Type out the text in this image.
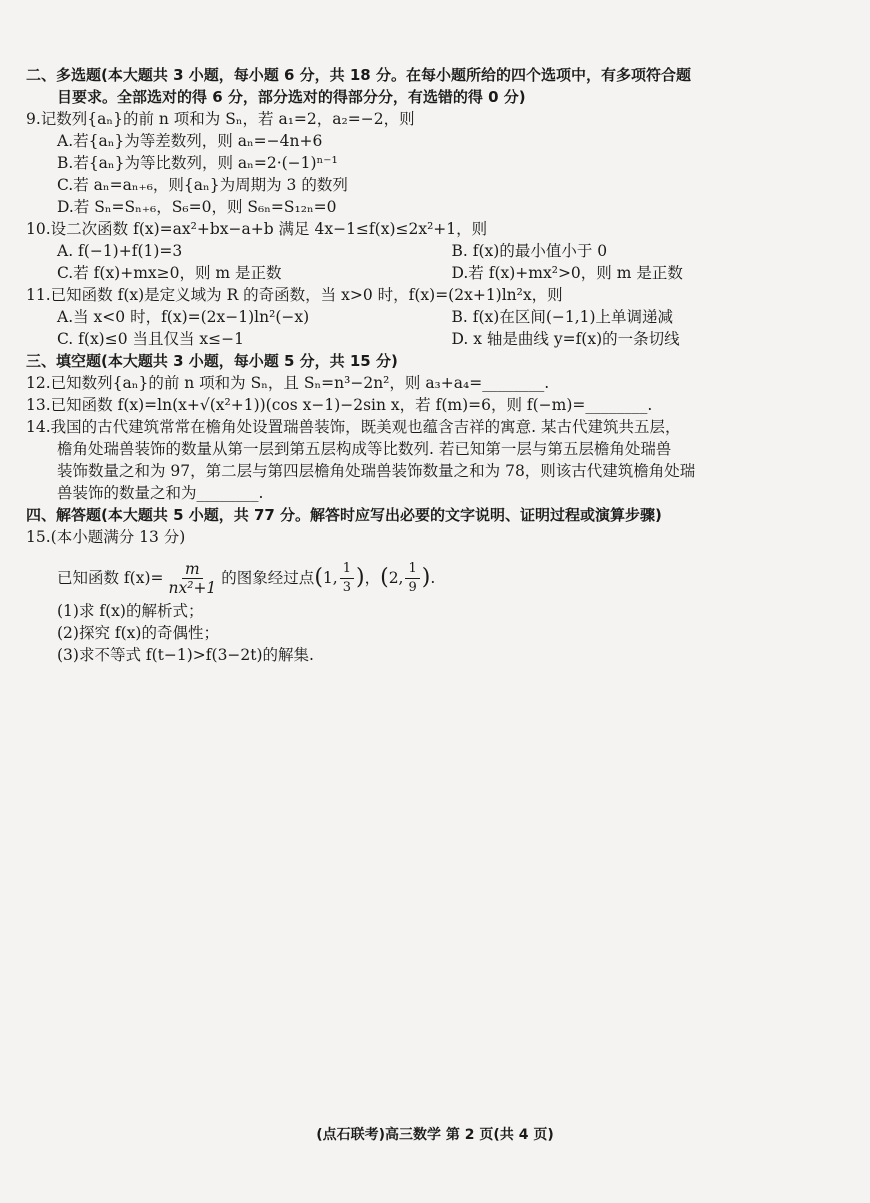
二、多选题(本大题共 3 小题，每小题 6 分，共 18 分。在每小题所给的四个选项中，有多项符合题
目要求。全部选对的得 6 分，部分选对的得部分分，有选错的得 0 分)
9.记数列{aₙ}的前 n 项和为 Sₙ，若 a₁=2，a₂=−2，则
A.若{aₙ}为等差数列，则 aₙ=−4n+6
B.若{aₙ}为等比数列，则 aₙ=2·(−1)ⁿ⁻¹
C.若 aₙ=aₙ₊₆，则{aₙ}为周期为 3 的数列
D.若 Sₙ=Sₙ₊₆，S₆=0，则 S₆ₙ=S₁₂ₙ=0
10.设二次函数 f(x)=ax²+bx−a+b 满足 4x−1≤f(x)≤2x²+1，则
A. f(−1)+f(1)=3	B. f(x)的最小值小于 0
C.若 f(x)+mx≥0，则 m 是正数	D.若 f(x)+mx²>0，则 m 是正数
11.已知函数 f(x)是定义域为 R 的奇函数，当 x>0 时，f(x)=(2x+1)ln²x，则
A.当 x<0 时，f(x)=(2x−1)ln²(−x)	B. f(x)在区间(−1,1)上单调递减
C. f(x)≤0 当且仅当 x≤−1	D. x 轴是曲线 y=f(x)的一条切线
三、填空题(本大题共 3 小题，每小题 5 分，共 15 分)
12.已知数列{aₙ}的前 n 项和为 Sₙ，且 Sₙ=n³−2n²，则 a₃+a₄=________.
13.已知函数 f(x)=ln(x+√(x²+1))(cos x−1)−2sin x，若 f(m)=6，则 f(−m)=________.
14.我国的古代建筑常常在檐角处设置瑞兽装饰，既美观也蕴含吉祥的寓意. 某古代建筑共五层，
檐角处瑞兽装饰的数量从第一层到第五层构成等比数列. 若已知第一层与第五层檐角处瑞兽
装饰数量之和为 97，第二层与第四层檐角处瑞兽装饰数量之和为 78，则该古代建筑檐角处瑞
兽装饰的数量之和为________.
四、解答题(本大题共 5 小题，共 77 分。解答时应写出必要的文字说明、证明过程或演算步骤)
15.(本小题满分 13 分)
已知函数 $f(x)= \frac{m}{\text{nx²+1}}$ 的图象经过点 ( 1, $\frac{1}{3}$ ) ， ( 2, $\frac{1}{9}$ ) .
(1)求 f(x)的解析式；
(2)探究 f(x)的奇偶性；
(3)求不等式 f(t−1)>f(3−2t)的解集.
(点石联考)高三数学 第 2 页(共 4 页)
